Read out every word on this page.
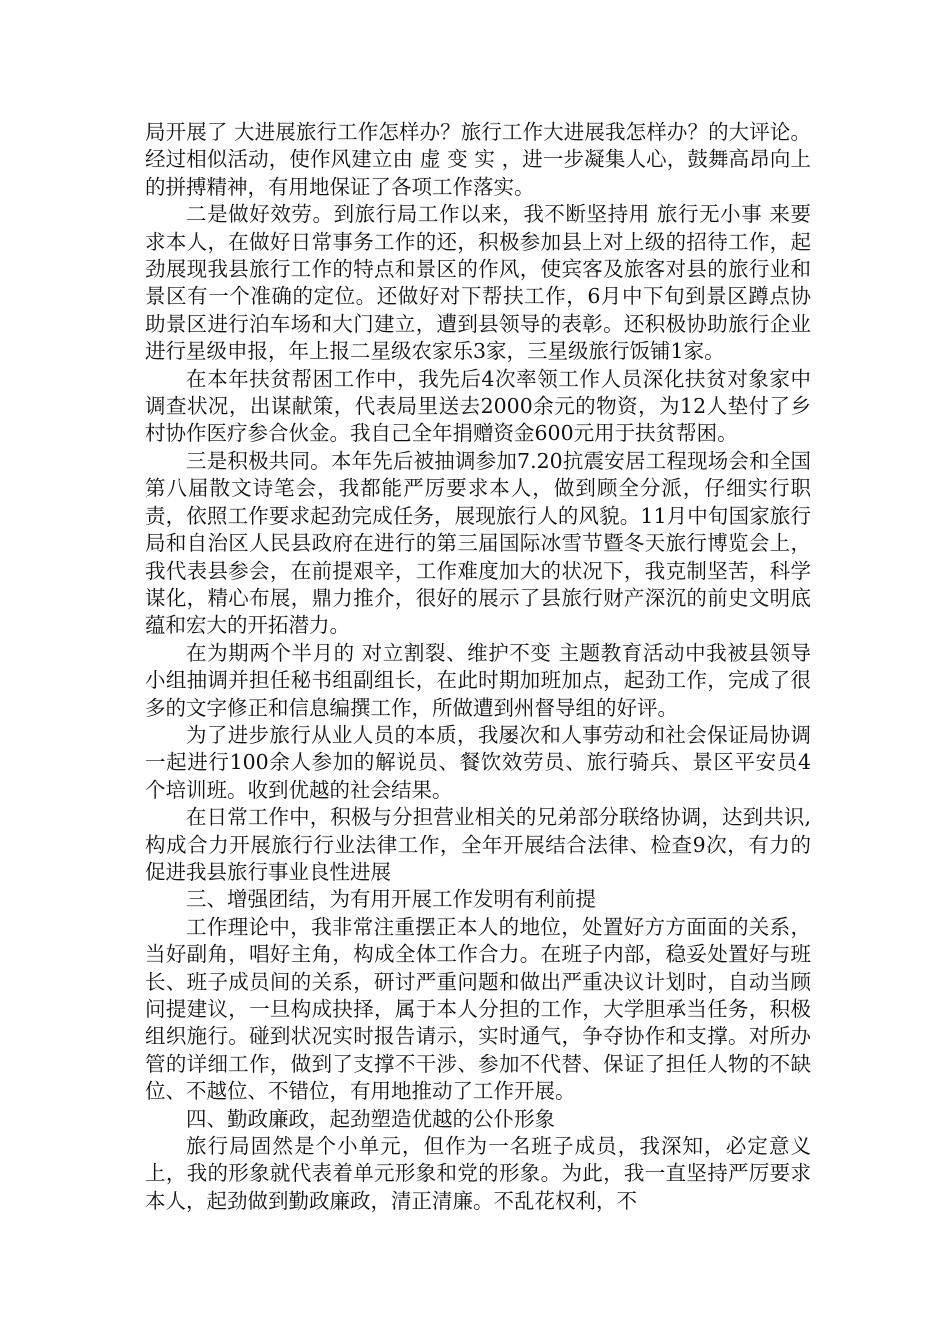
局开展了 大进展旅行工作怎样办？旅行工作大进展我怎样办？的大评论。经过相似活动，使作风建立由 虚 变 实 ，进一步凝集人心，鼓舞高昂向上的拼搏精神，有用地保证了各项工作落实。

二是做好效劳。到旅行局工作以来，我不断坚持用 旅行无小事 来要求本人，在做好日常事务工作的还，积极参加县上对上级的招待工作，起劲展现我县旅行工作的特点和景区的作风，使宾客及旅客对县的旅行业和景区有一个准确的定位。还做好对下帮扶工作，6月中下旬到景区蹲点协助景区进行泊车场和大门建立，遭到县领导的表彰。还积极协助旅行企业进行星级申报，年上报二星级农家乐3家，三星级旅行饭铺1家。

在本年扶贫帮困工作中，我先后4次率领工作人员深化扶贫对象家中调查状况，出谋献策，代表局里送去2000余元的物资，为12人垫付了乡村协作医疗参合伙金。我自己全年捐赠资金600元用于扶贫帮困。

三是积极共同。本年先后被抽调参加7.20抗震安居工程现场会和全国第八届散文诗笔会，我都能严厉要求本人，做到顾全分派，仔细实行职责，依照工作要求起劲完成任务，展现旅行人的风貌。11月中旬国家旅行局和自治区人民县政府在进行的第三届国际冰雪节暨冬天旅行博览会上，我代表县参会，在前提艰辛，工作难度加大的状况下，我克制坚苦，科学谋化，精心布展，鼎力推介，很好的展示了县旅行财产深沉的前史文明底蕴和宏大的开拓潜力。

在为期两个半月的 对立割裂、维护不变 主题教育活动中我被县领导小组抽调并担任秘书组副组长，在此时期加班加点，起劲工作，完成了很多的文字修正和信息编撰工作，所做遭到州督导组的好评。

为了进步旅行从业人员的本质，我屡次和人事劳动和社会保证局协调一起进行100余人参加的解说员、餐饮效劳员、旅行骑兵、景区平安员4个培训班。收到优越的社会结果。

在日常工作中，积极与分担营业相关的兄弟部分联络协调，达到共识,构成合力开展旅行行业法律工作，全年开展结合法律、检查9次，有力的促进我县旅行事业良性进展

三、增强团结，为有用开展工作发明有利前提

工作理论中，我非常注重摆正本人的地位，处置好方方面面的关系，当好副角，唱好主角，构成全体工作合力。在班子内部，稳妥处置好与班长、班子成员间的关系，研讨严重问题和做出严重决议计划时，自动当顾问提建议，一旦构成抉择，属于本人分担的工作，大学胆承当任务，积极组织施行。碰到状况实时报告请示，实时通气，争夺协作和支撑。对所办管的详细工作，做到了支撑不干涉、参加不代替、保证了担任人物的不缺位、不越位、不错位，有用地推动了工作开展。

四、勤政廉政，起劲塑造优越的公仆形象

旅行局固然是个小单元，但作为一名班子成员，我深知，必定意义上，我的形象就代表着单元形象和党的形象。为此，我一直坚持严厉要求本人，起劲做到勤政廉政，清正清廉。不乱花权利，不
